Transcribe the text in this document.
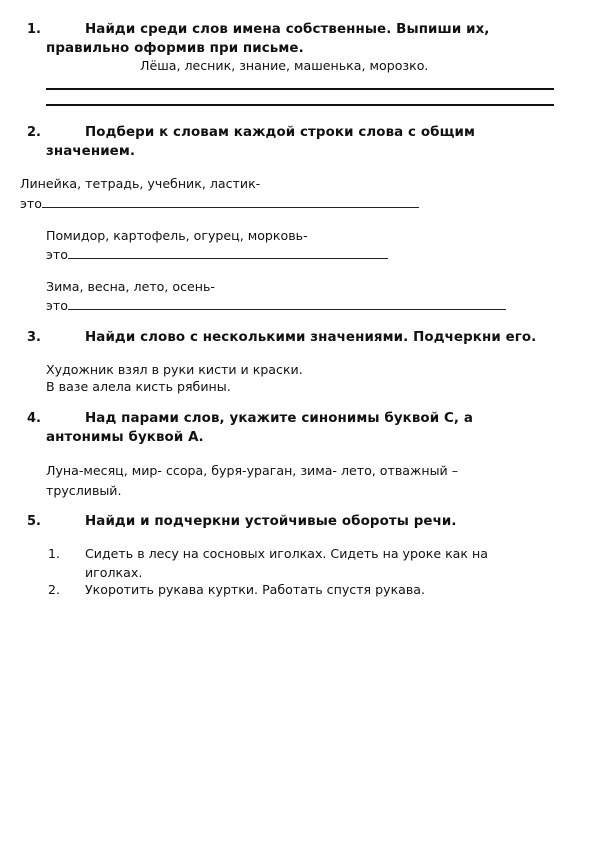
1.	Найди среди слов имена собственные. Выпиши их,
правильно оформив при письме.
Лёша, лесник, знание, машенька, морозко.
2.	Подбери к словам каждой строки слова с общим
значением.
Линейка, тетрадь, учебник, ластик-
это
Помидор, картофель, огурец, морковь-
это
Зима, весна, лето, осень-
это
3.	Найди слово с несколькими значениями. Подчеркни его.
Художник взял в руки кисти и краски.
В вазе алела кисть рябины.
4.	Над парами слов, укажите синонимы буквой С, а
антонимы буквой А.
Луна-месяц, мир- ссора, буря-ураган, зима- лето, отважный –
трусливый.
5.	Найди и подчеркни устойчивые обороты речи.
1. Сидеть в лесу на сосновых иголках. Сидеть на уроке как на
иголках.
2. Укоротить рукава куртки. Работать спустя рукава.
